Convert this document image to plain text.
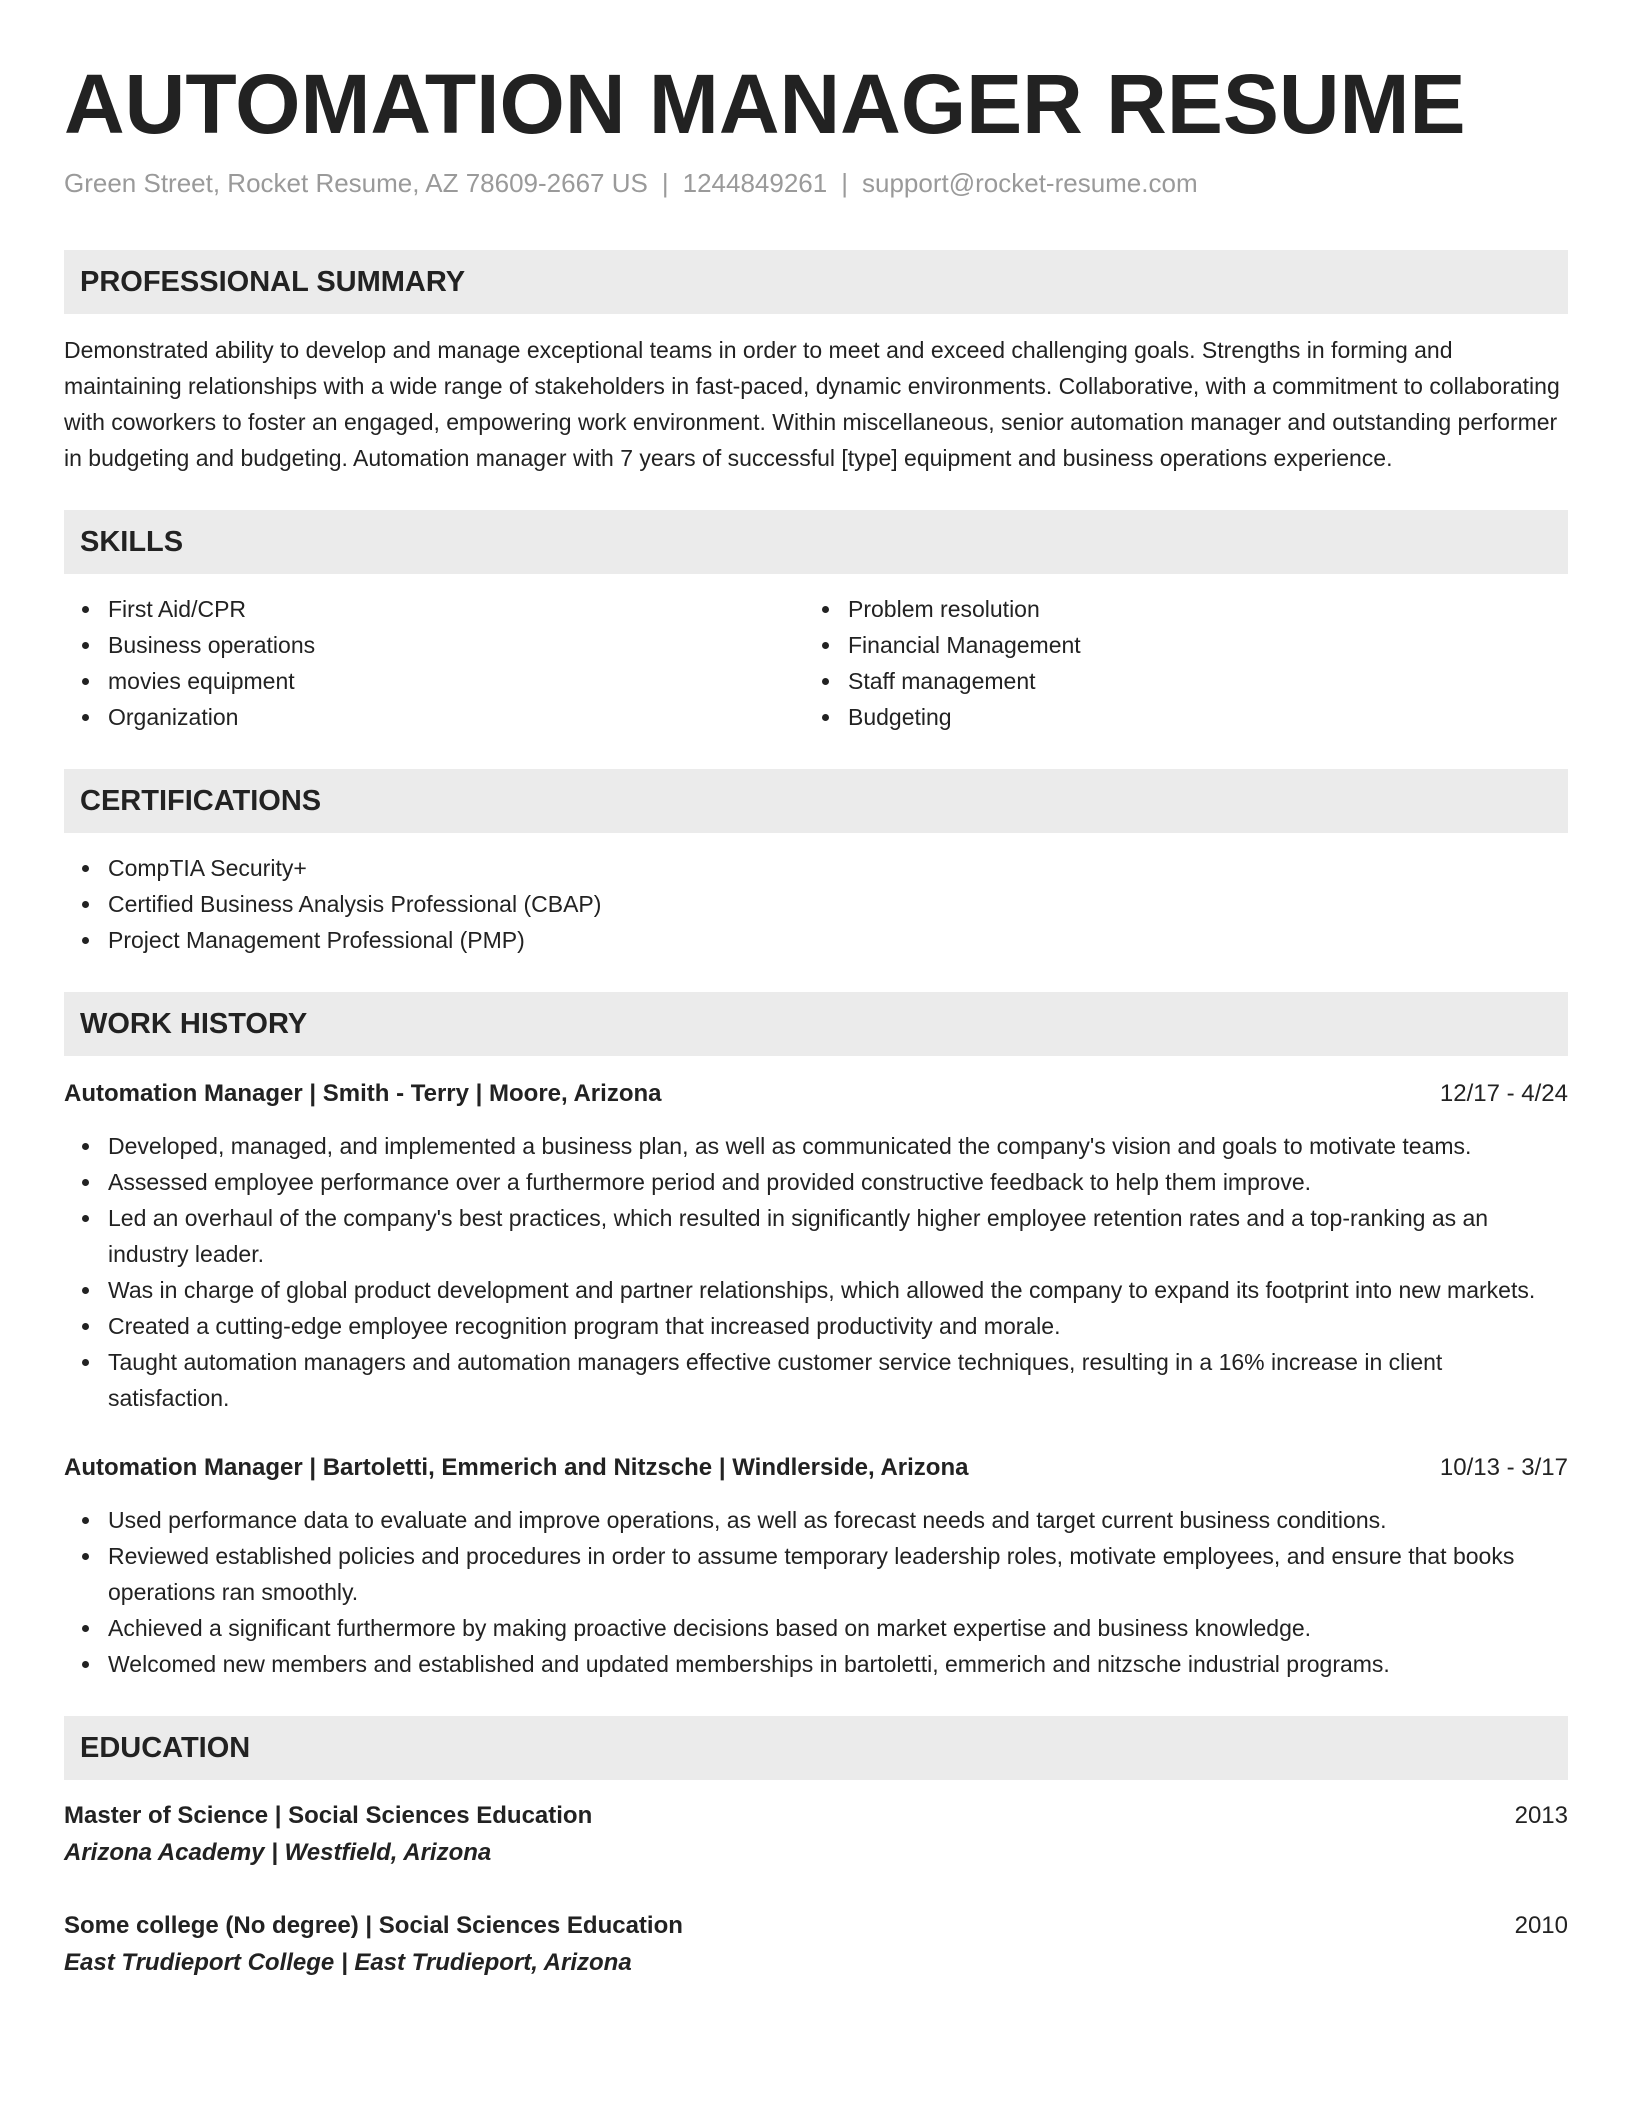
AUTOMATION MANAGER RESUME
Green Street, Rocket Resume, AZ 78609-2667 US | 1244849261 | support@rocket-resume.com
PROFESSIONAL SUMMARY

Demonstrated ability to develop and manage exceptional teams in order to meet and exceed challenging goals. Strengths in forming and maintaining relationships with a wide range of stakeholders in fast-paced, dynamic environments. Collaborative, with a commitment to collaborating with coworkers to foster an engaged, empowering work environment. Within miscellaneous, senior automation manager and outstanding performer in budgeting and budgeting. Automation manager with 7 years of successful [type] equipment and business operations experience.

SKILLS
First Aid/CPR
Business operations
movies equipment
Organization
Problem resolution
Financial Management
Staff management
Budgeting
CERTIFICATIONS
CompTIA Security+
Certified Business Analysis Professional (CBAP)
Project Management Professional (PMP)
WORK HISTORY
Automation Manager | Smith - Terry | Moore, Arizona	12/17 - 4/24
Developed, managed, and implemented a business plan, as well as communicated the company's vision and goals to motivate teams.
Assessed employee performance over a furthermore period and provided constructive feedback to help them improve.
Led an overhaul of the company's best practices, which resulted in significantly higher employee retention rates and a top-ranking as an industry leader.
Was in charge of global product development and partner relationships, which allowed the company to expand its footprint into new markets.
Created a cutting-edge employee recognition program that increased productivity and morale.
Taught automation managers and automation managers effective customer service techniques, resulting in a 16% increase in client satisfaction.
Automation Manager | Bartoletti, Emmerich and Nitzsche | Windlerside, Arizona	10/13 - 3/17
Used performance data to evaluate and improve operations, as well as forecast needs and target current business conditions.
Reviewed established policies and procedures in order to assume temporary leadership roles, motivate employees, and ensure that books operations ran smoothly.
Achieved a significant furthermore by making proactive decisions based on market expertise and business knowledge.
Welcomed new members and established and updated memberships in bartoletti, emmerich and nitzsche industrial programs.
EDUCATION
Master of Science | Social Sciences Education	2013
Arizona Academy | Westfield, Arizona
Some college (No degree) | Social Sciences Education	2010
East Trudieport College | East Trudieport, Arizona
